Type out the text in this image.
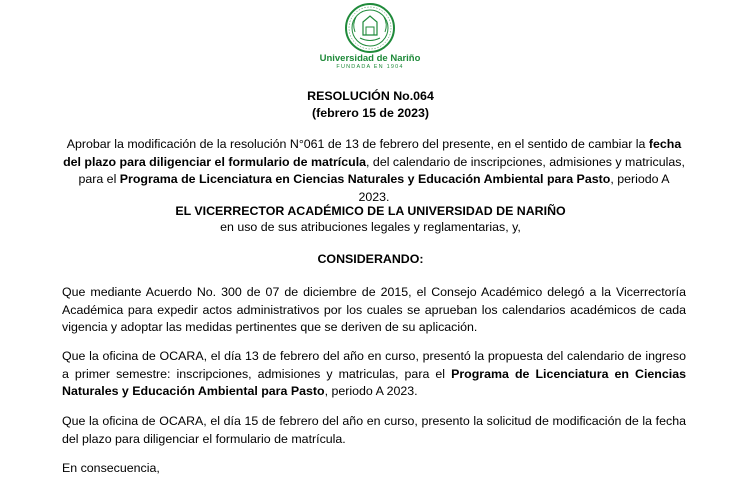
Universidad de Nariño
FUNDADA EN 1904
RESOLUCIÓN No.064
(febrero 15 de 2023)
Aprobar la modificación de la resolución N°061 de 13 de febrero del presente, en el sentido de cambiar la fecha del plazo para diligenciar el formulario de matrícula, del calendario de inscripciones, admisiones y matriculas, para el Programa de Licenciatura en Ciencias Naturales y Educación Ambiental para Pasto, periodo A 2023.
EL VICERRECTOR ACADÉMICO DE LA UNIVERSIDAD DE NARIÑO
en uso de sus atribuciones legales y reglamentarias, y,
CONSIDERANDO:
Que mediante Acuerdo No. 300 de 07 de diciembre de 2015, el Consejo Académico delegó a la Vicerrectoría Académica para expedir actos administrativos por los cuales se aprueban los calendarios académicos de cada vigencia y adoptar las medidas pertinentes que se deriven de su aplicación.
Que la oficina de OCARA, el día 13 de febrero del año en curso, presentó la propuesta del calendario de ingreso a primer semestre: inscripciones, admisiones y matriculas, para el Programa de Licenciatura en Ciencias Naturales y Educación Ambiental para Pasto, periodo A 2023.
Que la oficina de OCARA, el día 15 de febrero del año en curso, presento la solicitud de modificación de la fecha del plazo para diligenciar el formulario de matrícula.
En consecuencia,
